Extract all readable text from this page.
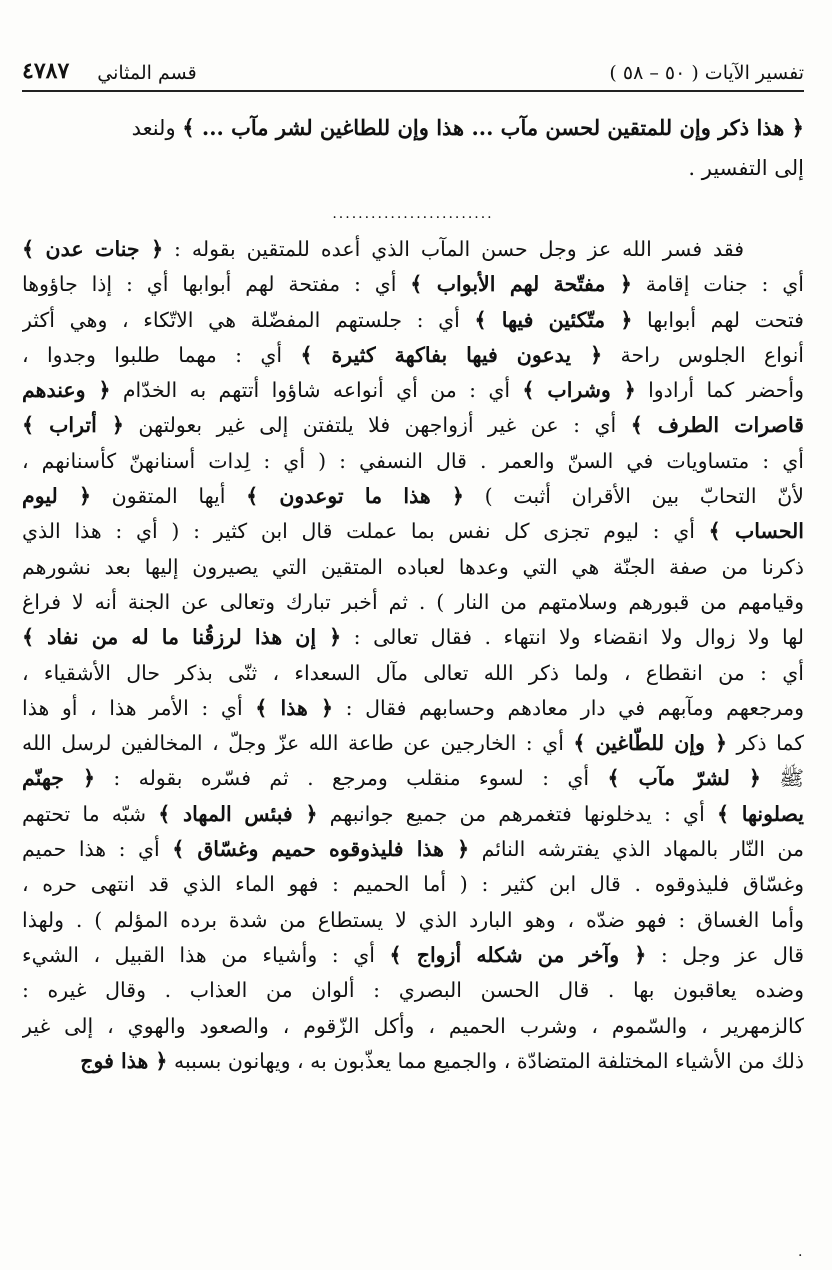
تفسير الآيات ( ٥٠ – ٥٨ )
قسم المثاني
٤٧٨٧
﴿ هذا ذكر وإن للمتقين لحسن مآب ... هذا وإن للطاغين لشر مآب ... ﴾ ولنعد
إلى التفسير .
.........................
فقد فسر الله عز وجل حسن المآب الذي أعده للمتقين بقوله : ﴿ جنات عدن ﴾
أي : جنات إقامة ﴿ مفتّحة لهم الأبواب ﴾ أي : مفتحة لهم أبوابها أي : إذا جاؤوها
فتحت لهم أبوابها ﴿ متّكئين فيها ﴾ أي : جلستهم المفضّلة هي الاتّكاء ، وهي أكثر
أنواع الجلوس راحة ﴿ يدعون فيها بفاكهة كثيرة ﴾ أي : مهما طلبوا وجدوا ،
وأحضر كما أرادوا ﴿ وشراب ﴾ أي : من أي أنواعه شاؤوا أتتهم به الخدّام ﴿ وعندهم
قاصرات الطرف ﴾ أي : عن غير أزواجهن فلا يلتفتن إلى غير بعولتهن ﴿ أتراب ﴾
أي : متساويات في السنّ والعمر . قال النسفي : ( أي : لِدات أسنانهنّ كأسنانهم ،
لأنّ التحابّ بين الأقران أثبت ) ﴿ هذا ما توعدون ﴾ أيها المتقون ﴿ ليوم
الحساب ﴾ أي : ليوم تجزى كل نفس بما عملت قال ابن كثير : ( أي : هذا الذي
ذكرنا من صفة الجنّة هي التي وعدها لعباده المتقين التي يصيرون إليها بعد نشورهم
وقيامهم من قبورهم وسلامتهم من النار ) . ثم أخبر تبارك وتعالى عن الجنة أنه لا فراغ
لها ولا زوال ولا انقضاء ولا انتهاء . فقال تعالى : ﴿ إن هذا لرزقُنا ما له من نفاد ﴾
أي : من انقطاع ، ولما ذكر الله تعالى مآل السعداء ، ثنّى بذكر حال الأشقياء ،
ومرجعهم ومآبهم في دار معادهم وحسابهم فقال : ﴿ هذا ﴾ أي : الأمر هذا ، أو هذا
كما ذكر ﴿ وإن للطّاغين ﴾ أي : الخارجين عن طاعة الله عزّ وجلّ ، المخالفين لرسل الله
ﷺ ﴿ لشرّ مآب ﴾ أي : لسوء منقلب ومرجع . ثم فسّره بقوله : ﴿ جهنّم
يصلونها ﴾ أي : يدخلونها فتغمرهم من جميع جوانبهم ﴿ فبئس المهاد ﴾ شبّه ما تحتهم
من النّار بالمهاد الذي يفترشه النائم ﴿ هذا فليذوقوه حميم وغسّاق ﴾ أي : هذا حميم
وغسّاق فليذوقوه . قال ابن كثير : ( أما الحميم : فهو الماء الذي قد انتهى حره ،
وأما الغساق : فهو ضدّه ، وهو البارد الذي لا يستطاع من شدة برده المؤلم ) . ولهذا
قال عز وجل : ﴿ وآخر من شكله أزواج ﴾ أي : وأشياء من هذا القبيل ، الشيء
وضده يعاقبون بها . قال الحسن البصري : ألوان من العذاب . وقال غيره :
كالزمهرير ، والسّموم ، وشرب الحميم ، وأكل الزّقوم ، والصعود والهوي ، إلى غير
ذلك من الأشياء المختلفة المتضادّة ، والجميع مما يعذّبون به ، ويهانون بسببه ﴿ هذا فوج
.
